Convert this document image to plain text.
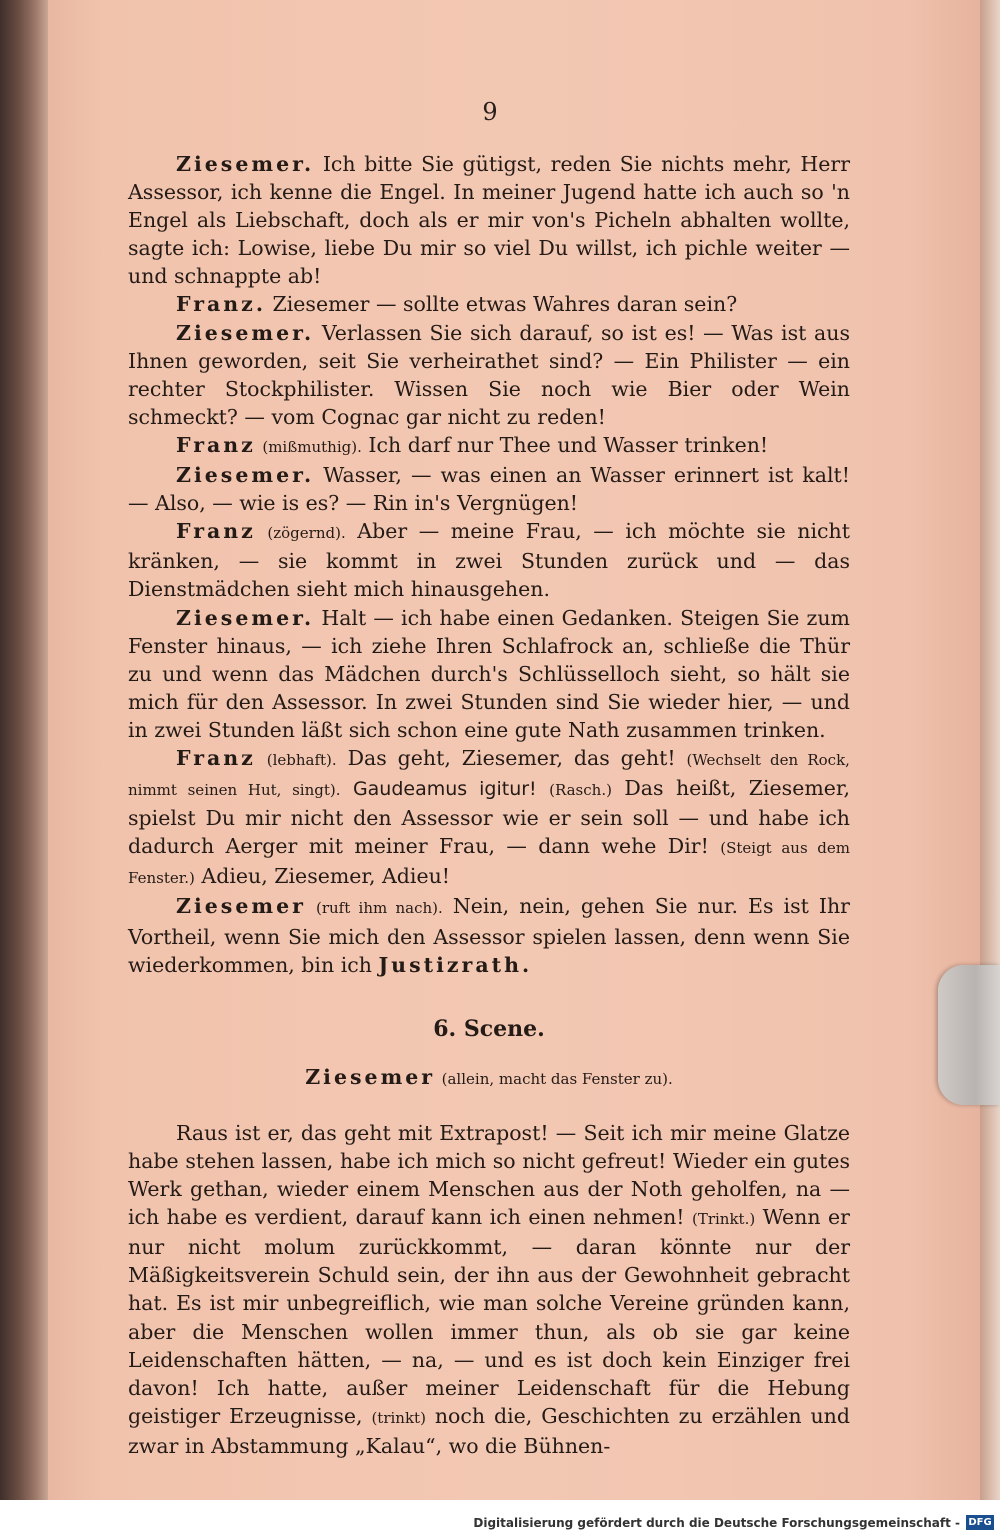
9

Ziesemer. Ich bitte Sie gütigst, reden Sie nichts mehr, Herr Assessor, ich kenne die Engel. In meiner Jugend hatte ich auch so 'n Engel als Liebschaft, doch als er mir von's Picheln abhalten wollte, sagte ich: Lowise, liebe Du mir so viel Du willst, ich pichle weiter — und schnappte ab!

Franz. Ziesemer — sollte etwas Wahres daran sein?

Ziesemer. Verlassen Sie sich darauf, so ist es! — Was ist aus Ihnen geworden, seit Sie verheirathet sind? — Ein Philister — ein rechter Stockphilister. Wissen Sie noch wie Bier oder Wein schmeckt? — vom Cognac gar nicht zu reden!

Franz (mißmuthig). Ich darf nur Thee und Wasser trinken!

Ziesemer. Wasser, — was einen an Wasser erinnert ist kalt! — Also, — wie is es? — Rin in's Vergnügen!

Franz (zögernd). Aber — meine Frau, — ich möchte sie nicht kränken, — sie kommt in zwei Stunden zurück und — das Dienstmädchen sieht mich hinausgehen.

Ziesemer. Halt — ich habe einen Gedanken. Steigen Sie zum Fenster hinaus, — ich ziehe Ihren Schlafrock an, schließe die Thür zu und wenn das Mädchen durch's Schlüsselloch sieht, so hält sie mich für den Assessor. In zwei Stunden sind Sie wieder hier, — und in zwei Stunden läßt sich schon eine gute Nath zusammen trinken.

Franz (lebhaft). Das geht, Ziesemer, das geht! (Wechselt den Rock, nimmt seinen Hut, singt). Gaudeamus igitur! (Rasch.) Das heißt, Ziesemer, spielst Du mir nicht den Assessor wie er sein soll — und habe ich dadurch Aerger mit meiner Frau, — dann wehe Dir! (Steigt aus dem Fenster.) Adieu, Ziesemer, Adieu!

Ziesemer (ruft ihm nach). Nein, nein, gehen Sie nur. Es ist Ihr Vortheil, wenn Sie mich den Assessor spielen lassen, denn wenn Sie wiederkommen, bin ich Justizrath.

6. Scene.

Ziesemer (allein, macht das Fenster zu).

Raus ist er, das geht mit Extrapost! — Seit ich mir meine Glatze habe stehen lassen, habe ich mich so nicht gefreut! Wieder ein gutes Werk gethan, wieder einem Menschen aus der Noth geholfen, na — ich habe es verdient, darauf kann ich einen nehmen! (Trinkt.) Wenn er nur nicht molum zurückkommt, — daran könnte nur der Mäßigkeitsverein Schuld sein, der ihn aus der Gewohnheit gebracht hat. Es ist mir unbegreiflich, wie man solche Vereine gründen kann, aber die Menschen wollen immer thun, als ob sie gar keine Leidenschaften hätten, — na, — und es ist doch kein Einziger frei davon! Ich hatte, außer meiner Leidenschaft für die Hebung geistiger Erzeugnisse, (trinkt) noch die, Geschichten zu erzählen und zwar in Abstammung „Kalau“, wo die Bühnen-

Digitalisierung gefördert durch die Deutsche Forschungsgemeinschaft - DFG
